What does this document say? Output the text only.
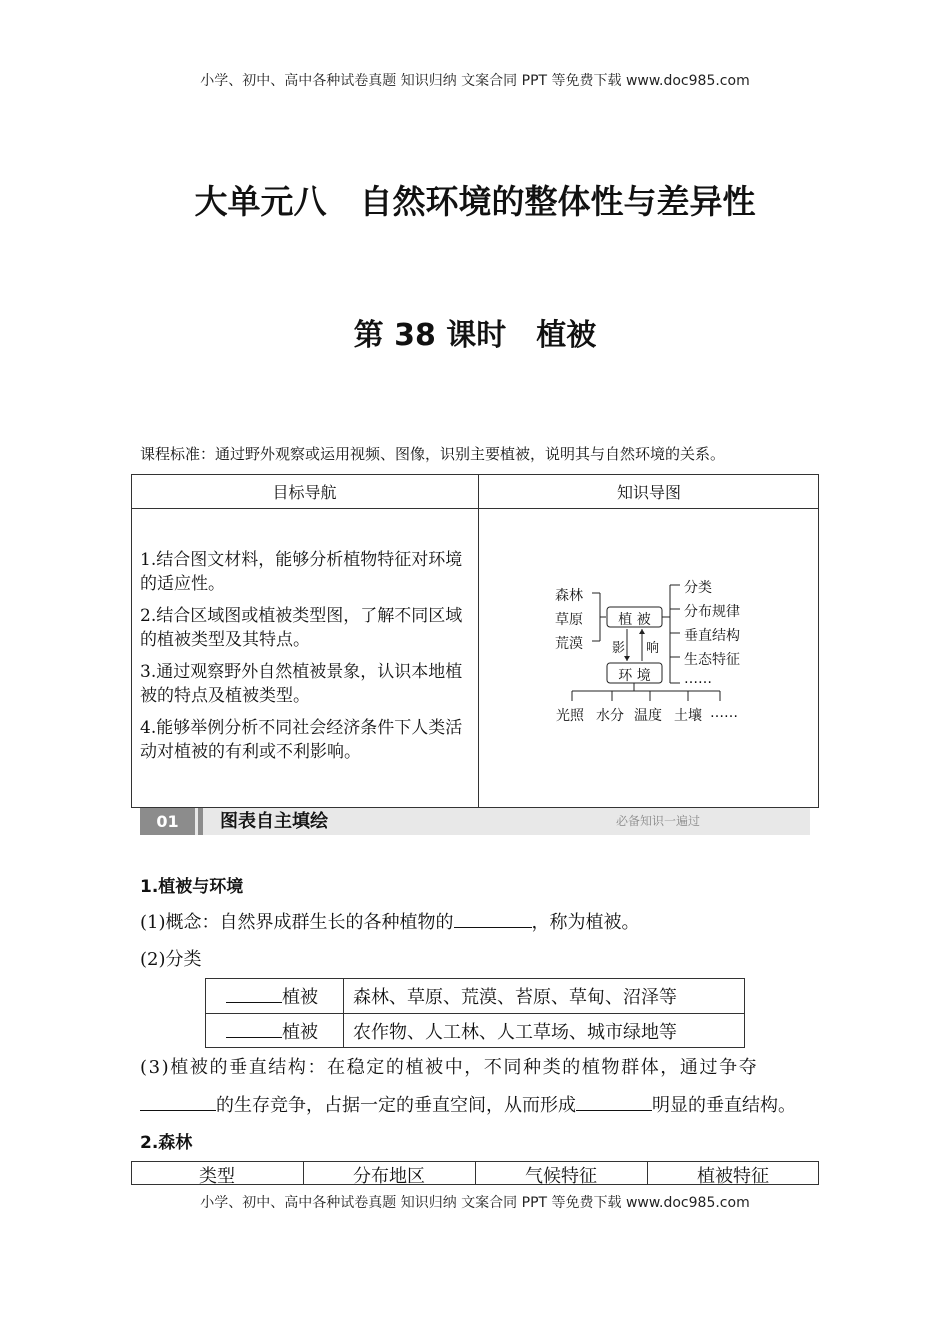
小学、初中、高中各种试卷真题 知识归纳 文案合同 PPT 等免费下载 www.doc985.com
大单元八　自然环境的整体性与差异性
第 38 课时　植被
课程标准：通过野外观察或运用视频、图像，识别主要植被，说明其与自然环境的关系。
目标导航	知识导图
1.结合图文材料，能够分析植物特征对环境的适应性。
2.结合区域图或植被类型图，了解不同区域的植被类型及其特点。
3.通过观察野外自然植被景象，认识本地植被的特点及植被类型。
4.能够举例分析不同社会经济条件下人类活动对植被的有利或不利影响。
森林
草原
荒漠
植 被
影 响
环 境
分类
分布规律
垂直结构
生态特征
……
光照 水分 温度 土壤 ……
01	图表自主填绘	必备知识一遍过
1.植被与环境
(1)概念：自然界成群生长的各种植物的	，称为植被。
(2)分类
植被 森林、草原、荒漠、苔原、草甸、沼泽等
植被 农作物、人工林、人工草场、城市绿地等
(3)植被的垂直结构：在稳定的植被中，不同种类的植物群体，通过争夺
的生存竞争，占据一定的垂直空间，从而形成	明显的垂直结构。
2.森林
类型	分布地区	气候特征	植被特征
小学、初中、高中各种试卷真题 知识归纳 文案合同 PPT 等免费下载 www.doc985.com
